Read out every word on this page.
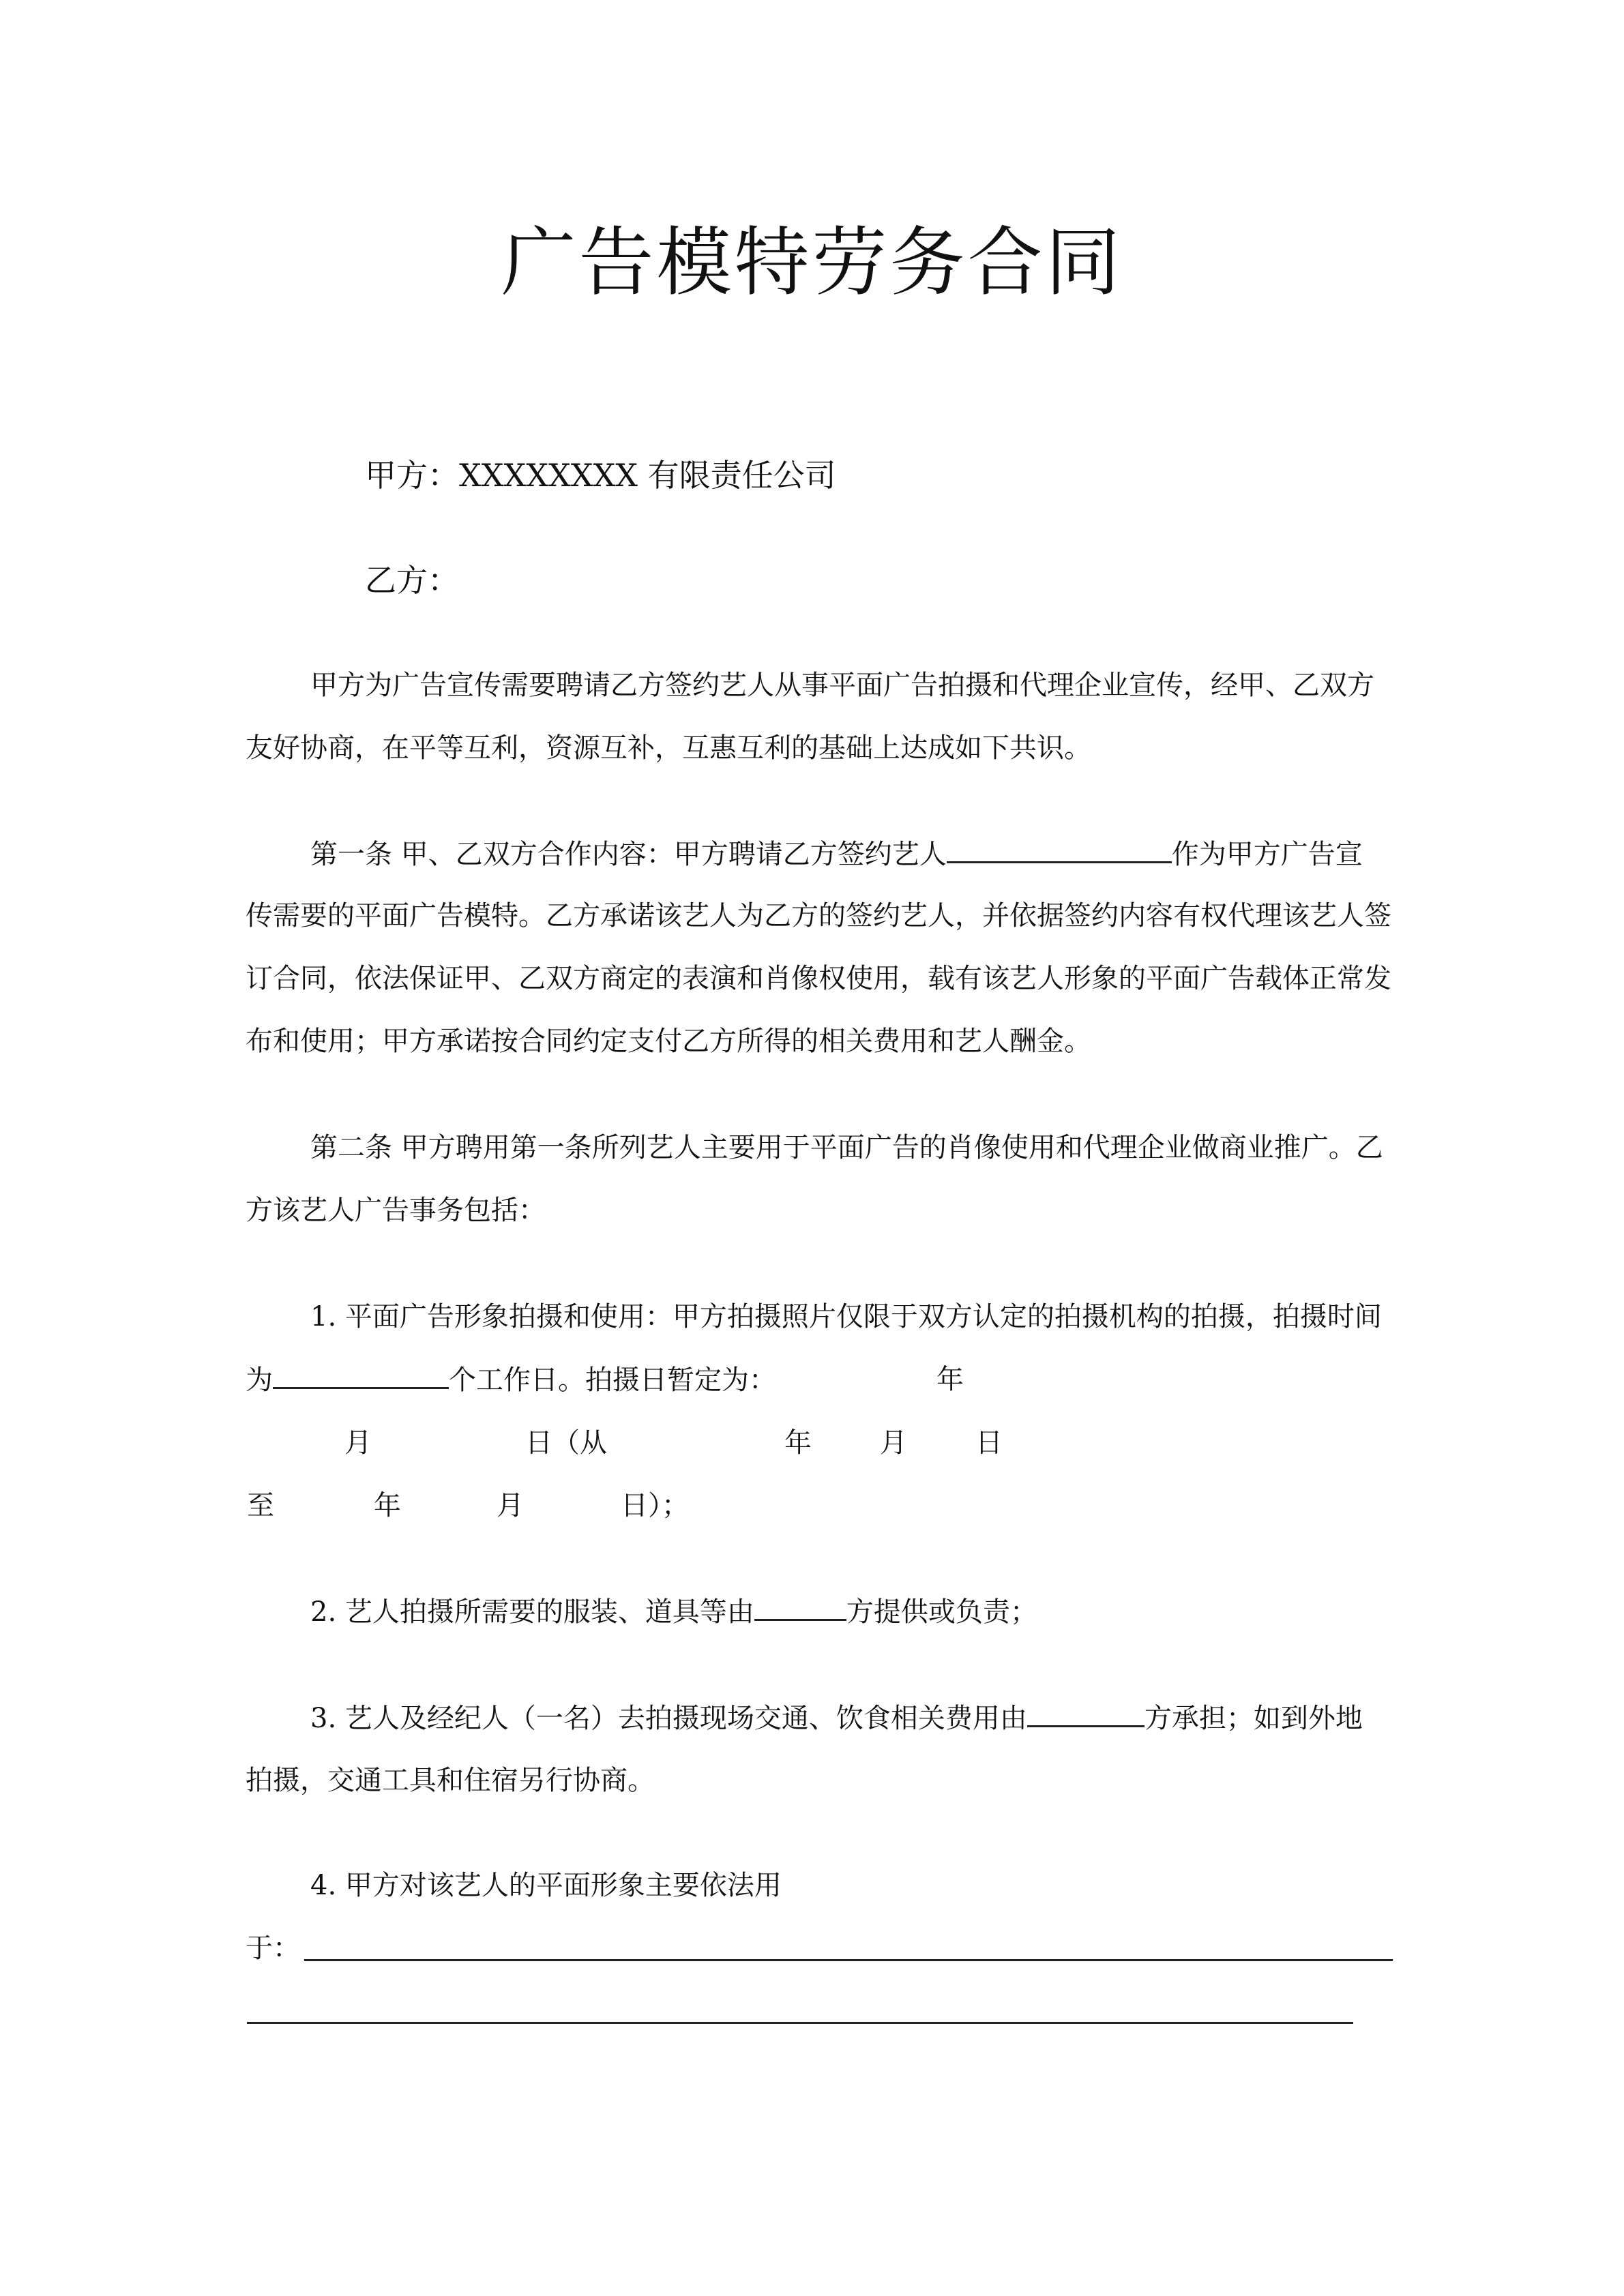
广告模特劳务合同
甲方：XXXXXXXX 有限责任公司
乙方：
甲方为广告宣传需要聘请乙方签约艺人从事平面广告拍摄和代理企业宣传，经甲、乙双方
友好协商，在平等互利，资源互补，互惠互利的基础上达成如下共识。
第一条 甲、乙双方合作内容：甲方聘请乙方签约艺人	作为甲方广告宣
传需要的平面广告模特。乙方承诺该艺人为乙方的签约艺人，并依据签约内容有权代理该艺人签
订合同，依法保证甲、乙双方商定的表演和肖像权使用，载有该艺人形象的平面广告载体正常发
布和使用；甲方承诺按合同约定支付乙方所得的相关费用和艺人酬金。
第二条 甲方聘用第一条所列艺人主要用于平面广告的肖像使用和代理企业做商业推广。乙
方该艺人广告事务包括：
1. 平面广告形象拍摄和使用：甲方拍摄照片仅限于双方认定的拍摄机构的拍摄，拍摄时间
为	个工作日。拍摄日暂定为：	年
月	日（从	年	月	日
至	年	月	日）；
2. 艺人拍摄所需要的服装、道具等由	方提供或负责；
3. 艺人及经纪人（一名）去拍摄现场交通、饮食相关费用由	方承担；如到外地
拍摄，交通工具和住宿另行协商。
4. 甲方对该艺人的平面形象主要依法用
于：
